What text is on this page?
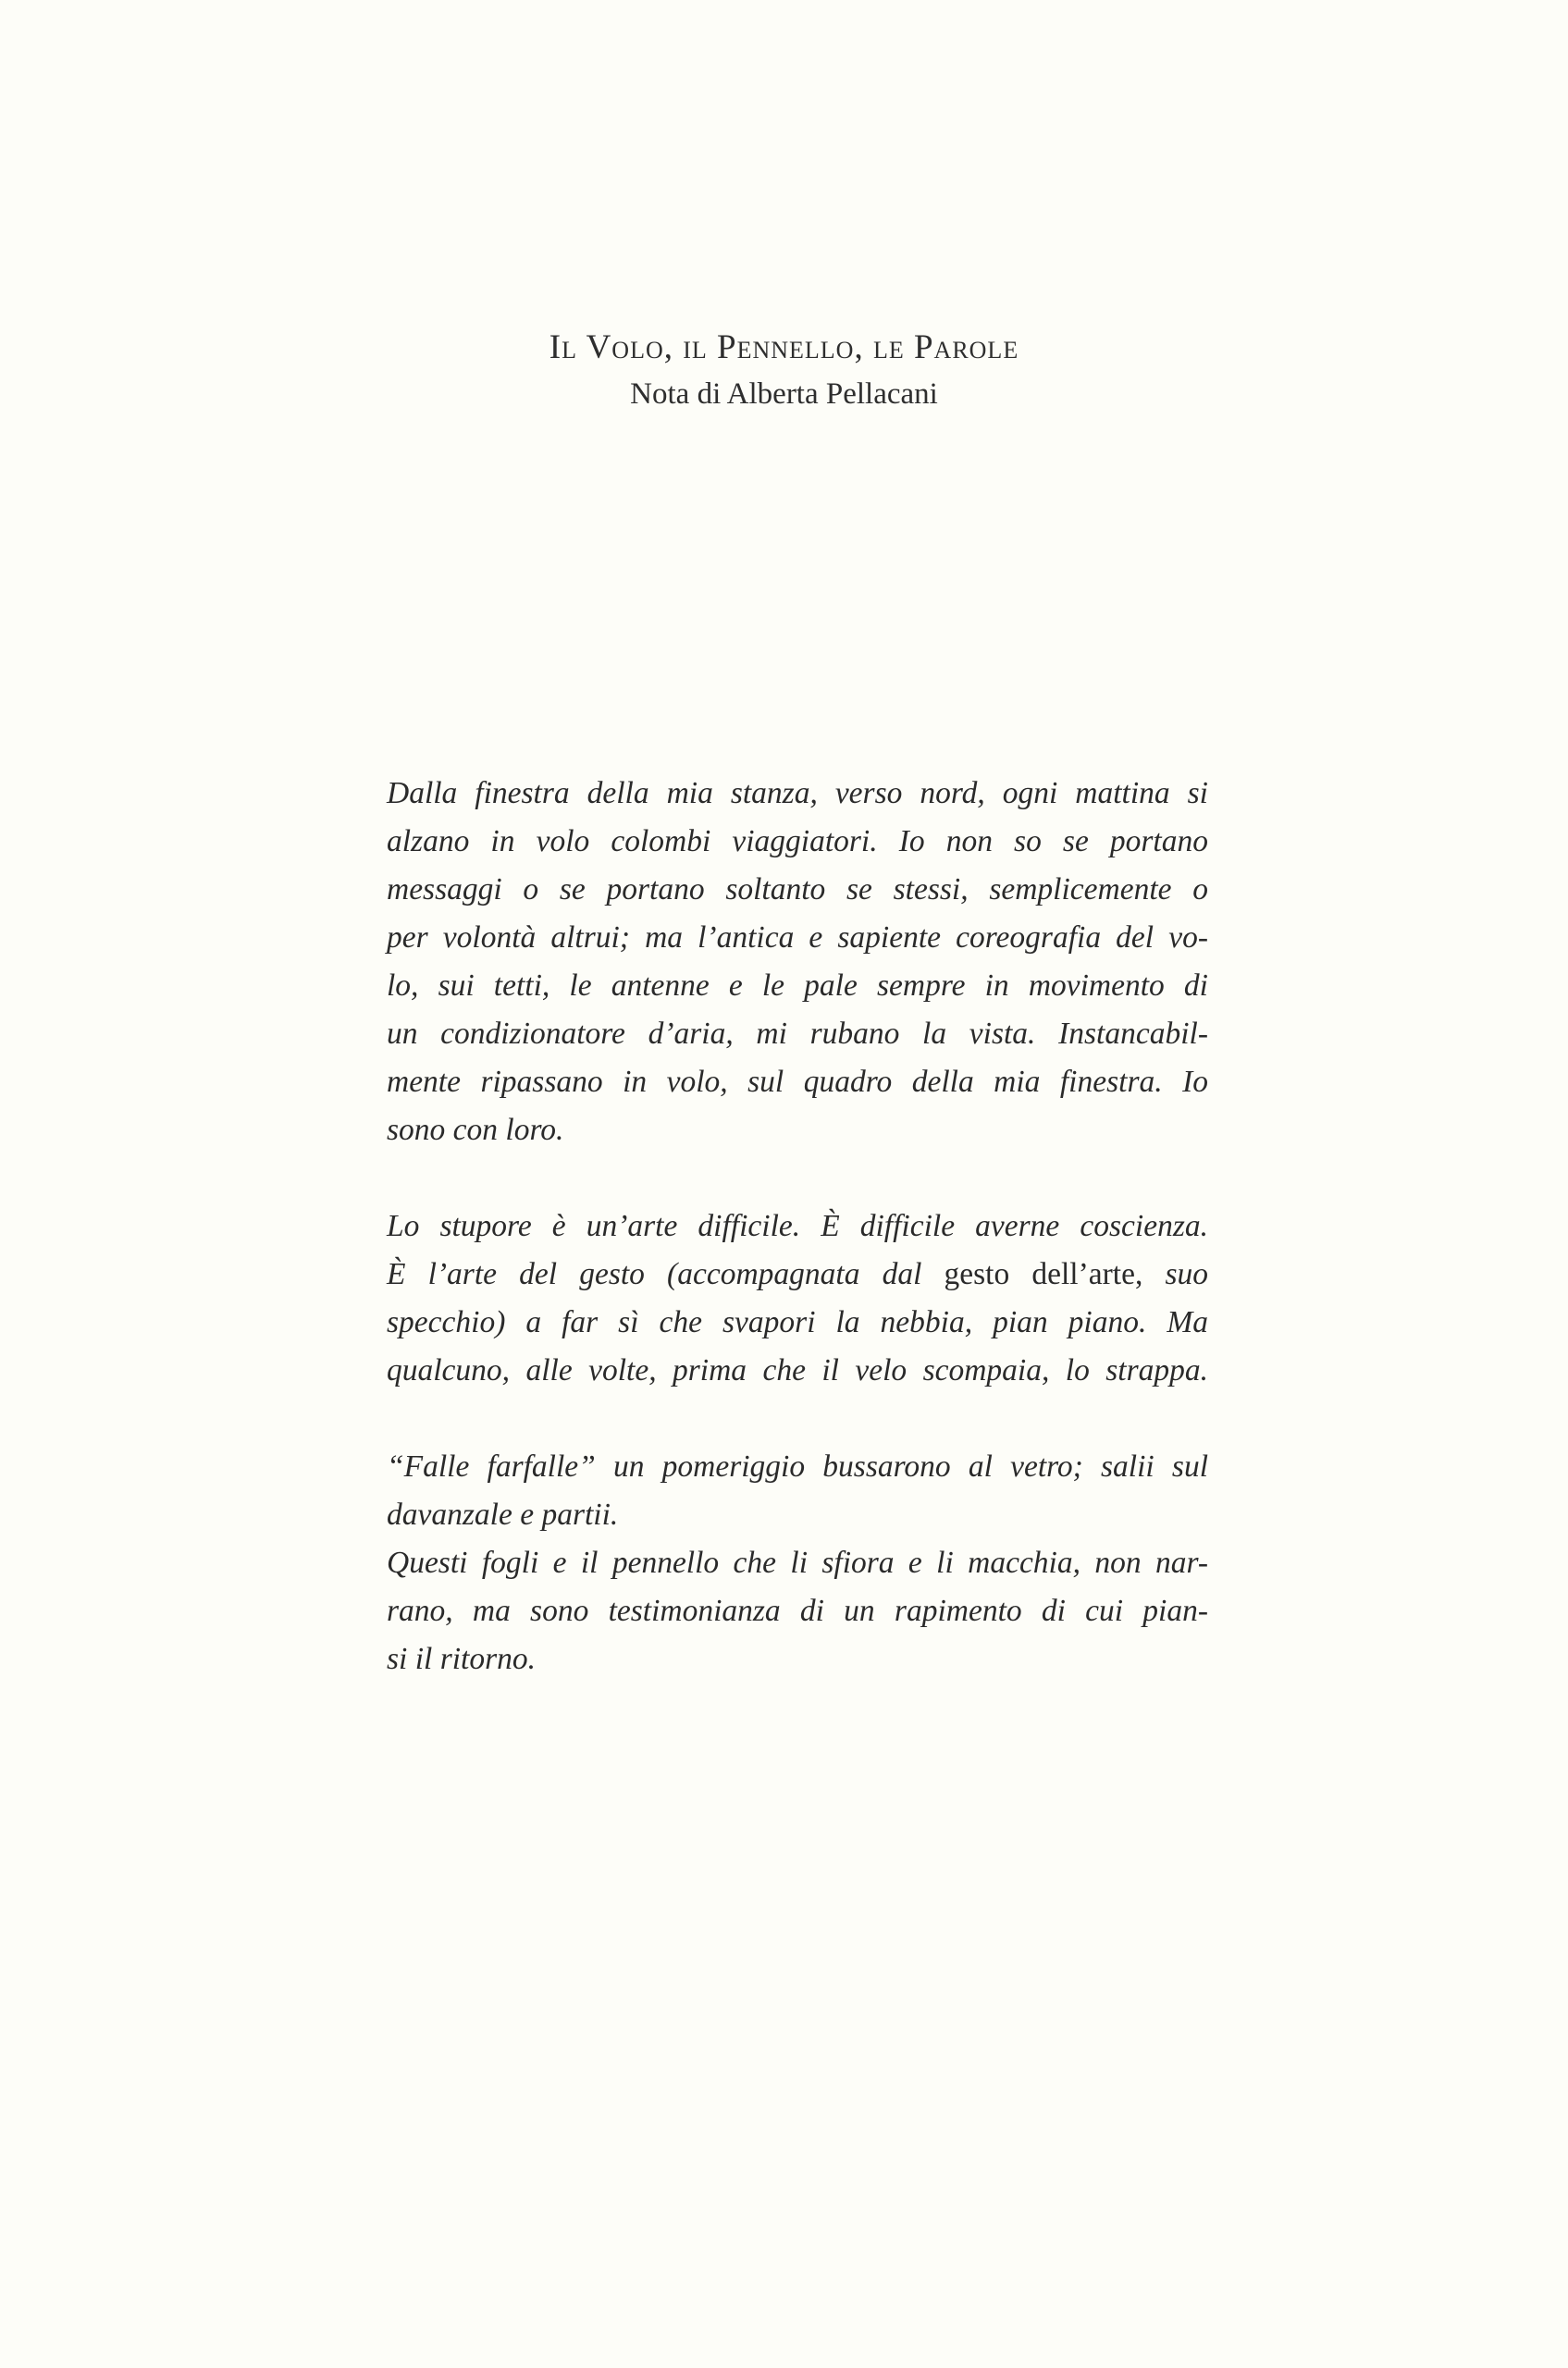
Il Volo, il Pennello, le Parole
Nota di Alberta Pellacani
Dalla finestra della mia stanza, verso nord, ogni mattina si
alzano in volo colombi viaggiatori. Io non so se portano
messaggi o se portano soltanto se stessi, semplicemente o
per volontà altrui; ma l’antica e sapiente coreografia del vo-
lo, sui tetti, le antenne e le pale sempre in movimento di
un condizionatore d’aria, mi rubano la vista. Instancabil-
mente ripassano in volo, sul quadro della mia finestra. Io
sono con loro.
Lo stupore è un’arte difficile. È difficile averne coscienza.
È l’arte del gesto (accompagnata dal gesto dell’arte, suo
specchio) a far sì che svapori la nebbia, pian piano. Ma
qualcuno, alle volte, prima che il velo scompaia, lo strappa.
“Falle farfalle” un pomeriggio bussarono al vetro; salii sul
davanzale e partii.
Questi fogli e il pennello che li sfiora e li macchia, non nar-
rano, ma sono testimonianza di un rapimento di cui pian-
si il ritorno.
